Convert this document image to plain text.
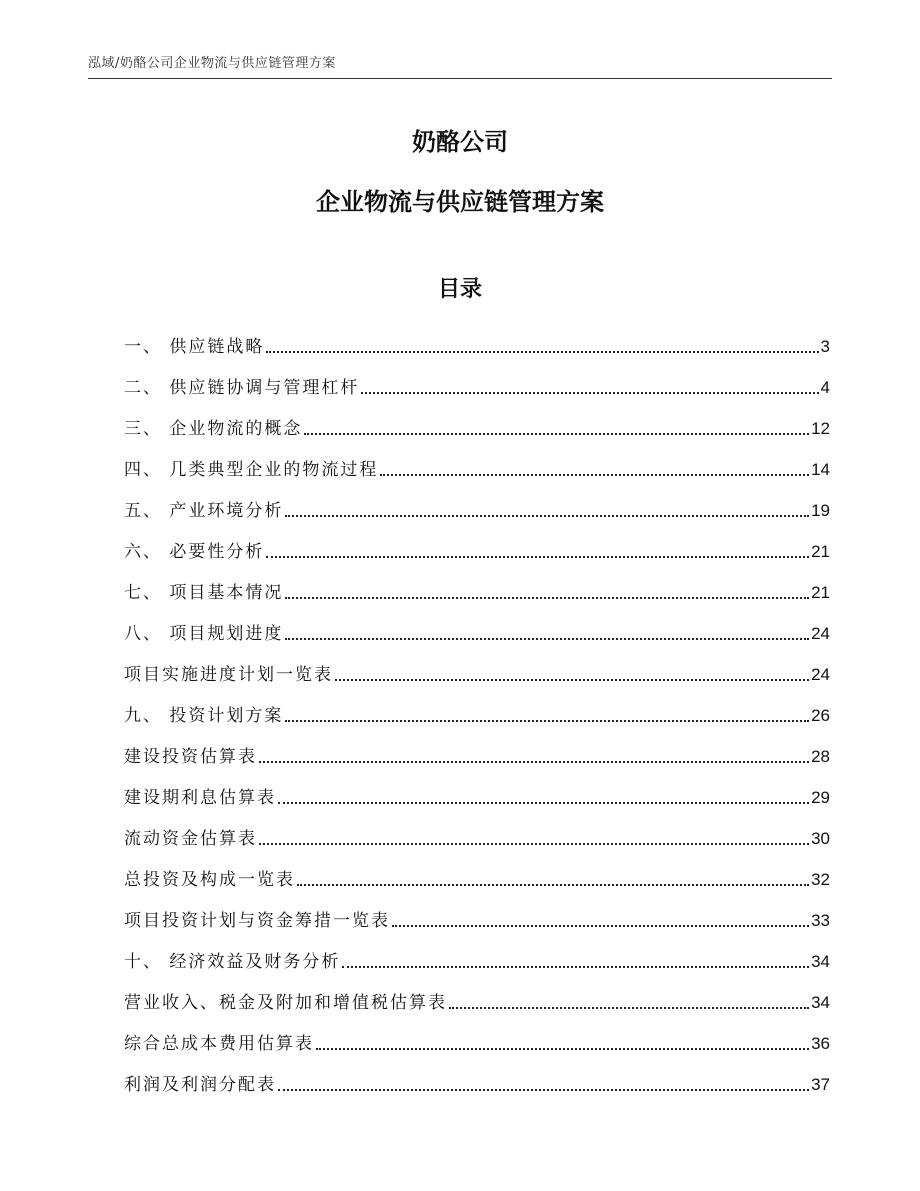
泓域/奶酪公司企业物流与供应链管理方案
奶酪公司
企业物流与供应链管理方案
目录
一、 供应链战略	3
二、 供应链协调与管理杠杆	4
三、 企业物流的概念	12
四、 几类典型企业的物流过程	14
五、 产业环境分析	19
六、 必要性分析	21
七、 项目基本情况	21
八、 项目规划进度	24
项目实施进度计划一览表	24
九、 投资计划方案	26
建设投资估算表	28
建设期利息估算表	29
流动资金估算表	30
总投资及构成一览表	32
项目投资计划与资金筹措一览表	33
十、 经济效益及财务分析	34
营业收入、税金及附加和增值税估算表	34
综合总成本费用估算表	36
利润及利润分配表	37
